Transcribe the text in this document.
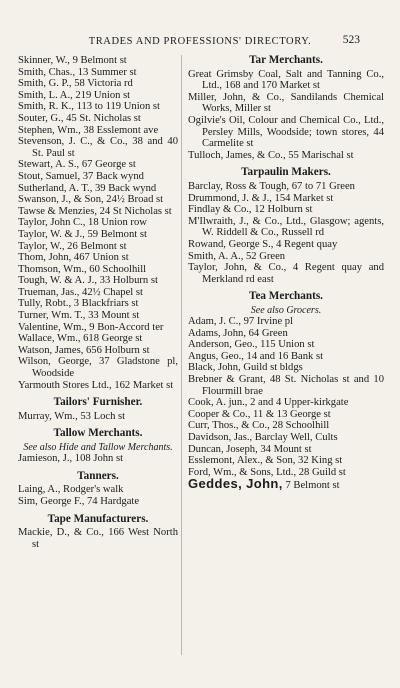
TRADES AND PROFESSIONS' DIRECTORY.	523
Skinner, W., 9 Belmont st
Smith, Chas., 13 Summer st
Smith, G. P., 58 Victoria rd
Smith, L. A., 219 Union st
Smith, R. K., 113 to 119 Union st
Souter, G., 45 St. Nicholas st
Stephen, Wm., 38 Esslemont ave
Stevenson, J. C., & Co., 38 and 40 St. Paul st
Stewart, A. S., 67 George st
Stout, Samuel, 37 Back wynd
Sutherland, A. T., 39 Back wynd
Swanson, J., & Son, 24½ Broad st
Tawse & Menzies, 24 St Nicholas st
Taylor, John C., 18 Union row
Taylor, W. & J., 59 Belmont st
Taylor, W., 26 Belmont st
Thom, John, 467 Union st
Thomson, Wm., 60 Schoolhill
Tough, W. & A. J., 33 Holburn st
Trueman, Jas., 42½ Chapel st
Tully, Robt., 3 Blackfriars st
Turner, Wm. T., 33 Mount st
Valentine, Wm., 9 Bon-Accord ter
Wallace, Wm., 618 George st
Watson, James, 656 Holburn st
Wilson, George, 37 Gladstone pl, Woodside
Yarmouth Stores Ltd., 162 Market st
Tailors' Furnisher.
Murray, Wm., 53 Loch st
Tallow Merchants.
See also Hide and Tallow Merchants.
Jamieson, J., 108 John st
Tanners.
Laing, A., Rodger's walk
Sim, George F., 74 Hardgate
Tape Manufacturers.
Mackie, D., & Co., 166 West North st
Tar Merchants.
Great Grimsby Coal, Salt and Tanning Co., Ltd., 168 and 170 Market st
Miller, John, & Co., Sandilands Chemical Works, Miller st
Ogilvie's Oil, Colour and Chemical Co., Ltd., Persley Mills, Woodside; town stores, 44 Carmelite st
Tulloch, James, & Co., 55 Marischal st
Tarpaulin Makers.
Barclay, Ross & Tough, 67 to 71 Green
Drummond, J. & J., 154 Market st
Findlay & Co., 12 Holburn st
M'Ilwraith, J., & Co., Ltd., Glasgow; agents, W. Riddell & Co., Russell rd
Rowand, George S., 4 Regent quay
Smith, A. A., 52 Green
Taylor, John, & Co., 4 Regent quay and Merkland rd east
Tea Merchants.
See also Grocers.
Adam, J. C., 97 Irvine pl
Adams, John, 64 Green
Anderson, Geo., 115 Union st
Angus, Geo., 14 and 16 Bank st
Black, John, Guild st bldgs
Brebner & Grant, 48 St. Nicholas st and 10 Flourmill brae
Cook, A. jun., 2 and 4 Upper-kirkgate
Cooper & Co., 11 & 13 George st
Curr, Thos., & Co., 28 Schoolhill
Davidson, Jas., Barclay Well, Cults
Duncan, Joseph, 34 Mount st
Esslemont, Alex., & Son, 32 King st
Ford, Wm., & Sons, Ltd., 28 Guild st
Geddes, John, 7 Belmont st
